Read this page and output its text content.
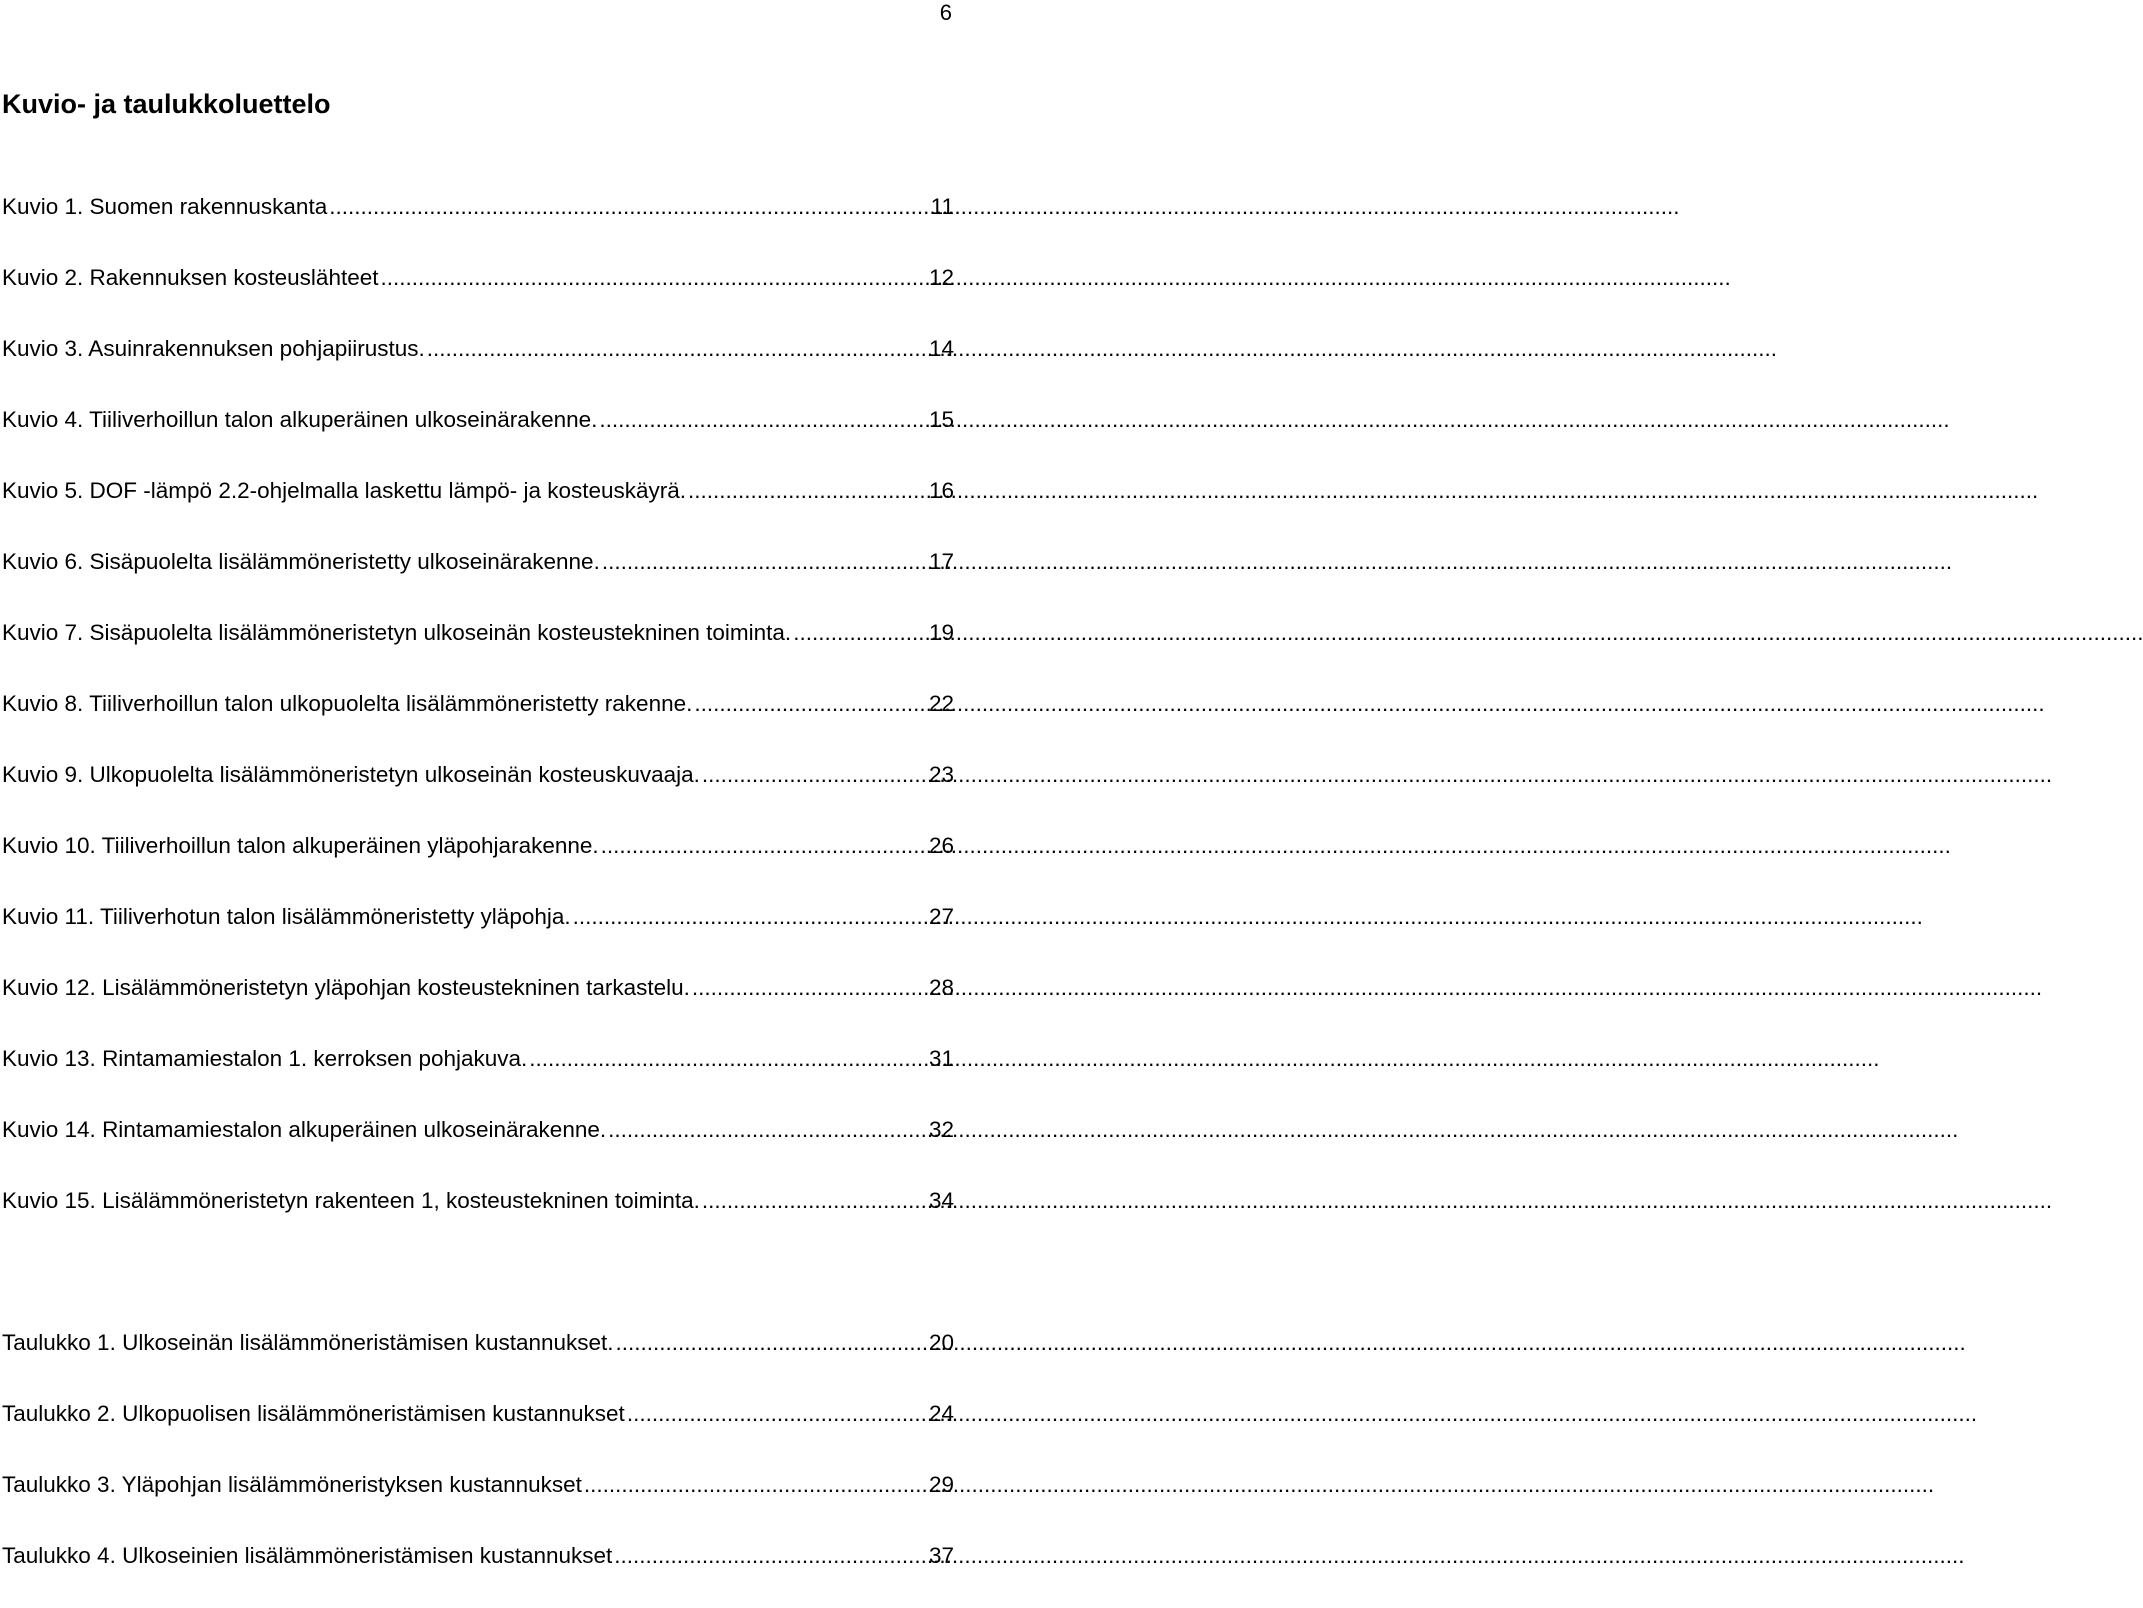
6
Kuvio- ja taulukkoluettelo
Kuvio 1. Suomen rakennuskanta .....	11
Kuvio 2. Rakennuksen kosteuslähteet .....	12
Kuvio 3. Asuinrakennuksen pohjapiirustus. .....	14
Kuvio 4. Tiiliverhoillun talon alkuperäinen ulkoseinärakenne. .....	15
Kuvio 5. DOF -lämpö 2.2-ohjelmalla laskettu lämpö- ja kosteuskäyrä. .....	16
Kuvio 6. Sisäpuolelta lisälämmöneristetty ulkoseinärakenne. .....	17
Kuvio 7. Sisäpuolelta lisälämmöneristetyn ulkoseinän kosteustekninen toiminta. .....	19
Kuvio 8. Tiiliverhoillun talon ulkopuolelta lisälämmöneristetty rakenne. .....	22
Kuvio 9. Ulkopuolelta lisälämmöneristetyn ulkoseinän kosteuskuvaaja. .....	23
Kuvio 10. Tiiliverhoillun talon alkuperäinen yläpohjarakenne. .....	26
Kuvio 11. Tiiliverhotun talon lisälämmöneristetty yläpohja. .....	27
Kuvio 12. Lisälämmöneristetyn yläpohjan kosteustekninen tarkastelu. .....	28
Kuvio 13. Rintamamiestalon 1. kerroksen pohjakuva. .....	31
Kuvio 14. Rintamamiestalon alkuperäinen ulkoseinärakenne. .....	32
Kuvio 15. Lisälämmöneristetyn rakenteen 1, kosteustekninen toiminta. .....	34
Taulukko 1. Ulkoseinän lisälämmöneristämisen kustannukset. .....	20
Taulukko 2. Ulkopuolisen lisälämmöneristämisen kustannukset .....	24
Taulukko 3. Yläpohjan lisälämmöneristyksen kustannukset .....	29
Taulukko 4. Ulkoseinien lisälämmöneristämisen kustannukset .....	37
